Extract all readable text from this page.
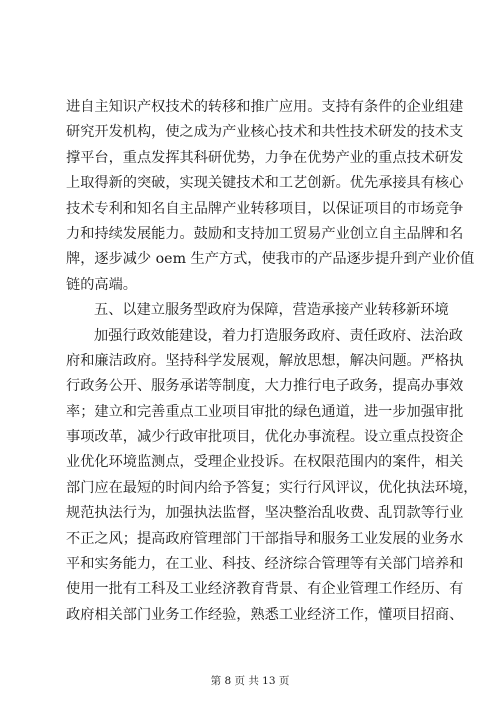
进自主知识产权技术的转移和推广应用。支持有条件的企业组建
研究开发机构，使之成为产业核心技术和共性技术研发的技术支
撑平台，重点发挥其科研优势，力争在优势产业的重点技术研发
上取得新的突破，实现关键技术和工艺创新。优先承接具有核心
技术专利和知名自主品牌产业转移项目，以保证项目的市场竞争
力和持续发展能力。鼓励和支持加工贸易产业创立自主品牌和名
牌，逐步减少 oem 生产方式，使我市的产品逐步提升到产业价值
链的高端。
五、以建立服务型政府为保障，营造承接产业转移新环境
加强行政效能建设，着力打造服务政府、责任政府、法治政
府和廉洁政府。坚持科学发展观，解放思想，解决问题。严格执
行政务公开、服务承诺等制度，大力推行电子政务，提高办事效
率；建立和完善重点工业项目审批的绿色通道，进一步加强审批
事项改革，减少行政审批项目，优化办事流程。设立重点投资企
业优化环境监测点，受理企业投诉。在权限范围内的案件，相关
部门应在最短的时间内给予答复；实行行风评议，优化执法环境，
规范执法行为，加强执法监督，坚决整治乱收费、乱罚款等行业
不正之风；提高政府管理部门干部指导和服务工业发展的业务水
平和实务能力，在工业、科技、经济综合管理等有关部门培养和
使用一批有工科及工业经济教育背景、有企业管理工作经历、有
政府相关部门业务工作经验，熟悉工业经济工作，懂项目招商、
第 8 页 共 13 页
